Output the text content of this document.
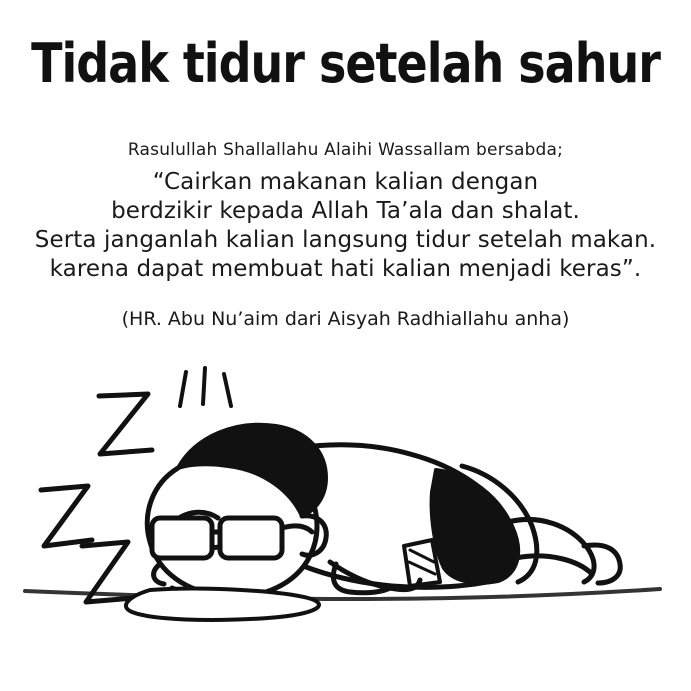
Tidak tidur setelah sahur
Rasulullah Shallallahu Alaihi Wassallam bersabda;
“Cairkan makanan kalian dengan
berdzikir kepada Allah Ta’ala dan shalat.
Serta janganlah kalian langsung tidur setelah makan.
karena dapat membuat hati kalian menjadi keras”.
(HR. Abu Nu’aim dari Aisyah Radhiallahu anha)
